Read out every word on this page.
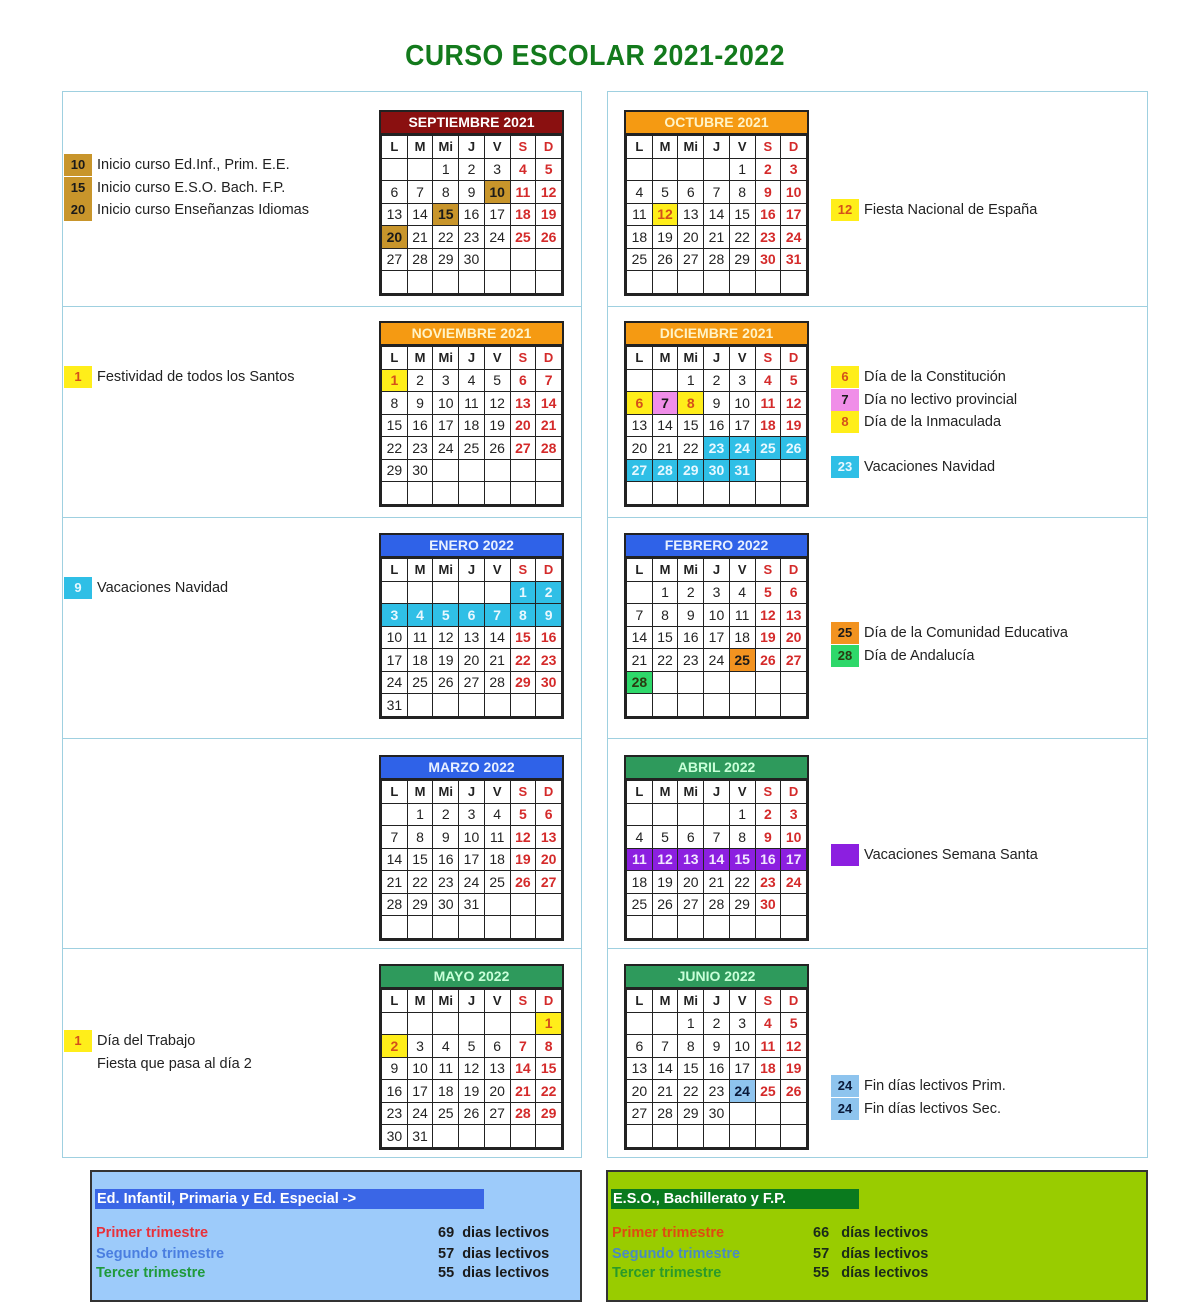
CURSO ESCOLAR 2021-2022
SEPTIEMBRE 2021
L	M	Mi	J	V	S	D
		1	2	3	4	5
6	7	8	9	10	11	12
13	14	15	16	17	18	19
20	21	22	23	24	25	26
27	28	29	30			

OCTUBRE 2021
L	M	Mi	J	V	S	D
				1	2	3
4	5	6	7	8	9	10
11	12	13	14	15	16	17
18	19	20	21	22	23	24
25	26	27	28	29	30	31

NOVIEMBRE 2021
L	M	Mi	J	V	S	D
1	2	3	4	5	6	7
8	9	10	11	12	13	14
15	16	17	18	19	20	21
22	23	24	25	26	27	28
29	30					

DICIEMBRE 2021
L	M	Mi	J	V	S	D
		1	2	3	4	5
6	7	8	9	10	11	12
13	14	15	16	17	18	19
20	21	22	23	24	25	26
27	28	29	30	31		

ENERO 2022
L	M	Mi	J	V	S	D
					1	2
3	4	5	6	7	8	9
10	11	12	13	14	15	16
17	18	19	20	21	22	23
24	25	26	27	28	29	30
31						
FEBRERO 2022
L	M	Mi	J	V	S	D
	1	2	3	4	5	6
7	8	9	10	11	12	13
14	15	16	17	18	19	20
21	22	23	24	25	26	27
28						

MARZO 2022
L	M	Mi	J	V	S	D
	1	2	3	4	5	6
7	8	9	10	11	12	13
14	15	16	17	18	19	20
21	22	23	24	25	26	27
28	29	30	31			

ABRIL 2022
L	M	Mi	J	V	S	D
				1	2	3
4	5	6	7	8	9	10
11	12	13	14	15	16	17
18	19	20	21	22	23	24
25	26	27	28	29	30	

MAYO 2022
L	M	Mi	J	V	S	D
						1
2	3	4	5	6	7	8
9	10	11	12	13	14	15
16	17	18	19	20	21	22
23	24	25	26	27	28	29
30	31					
JUNIO 2022
L	M	Mi	J	V	S	D
		1	2	3	4	5
6	7	8	9	10	11	12
13	14	15	16	17	18	19
20	21	22	23	24	25	26
27	28	29	30			

10 Inicio curso Ed.Inf., Prim. E.E.
15 Inicio curso E.S.O. Bach. F.P.
20 Inicio curso Enseñanzas Idiomas	12 Fiesta Nacional de España
1	Festividad de todos los Santos	6	Día de la Constitución
7	Día no lectivo provincial
8	Día de la Inmaculada
23 Vacaciones Navidad
9	Vacaciones Navidad
25 Día de la Comunidad Educativa
28 Día de Andalucía
Vacaciones Semana Santa
1	Día del Trabajo
Fiesta que pasa al día 2
24 Fin días lectivos Prim.
24 Fin días lectivos Sec.
Ed. Infantil, Primaria y Ed. Especial ->
Primer trimestre	69 dias lectivos
Segundo trimestre	57 dias lectivos
Tercer trimestre	55 dias lectivos
E.S.O., Bachillerato y F.P.
Primer trimestre	66 días lectivos
Segundo trimestre	57 días lectivos
Tercer trimestre	55 días lectivos
